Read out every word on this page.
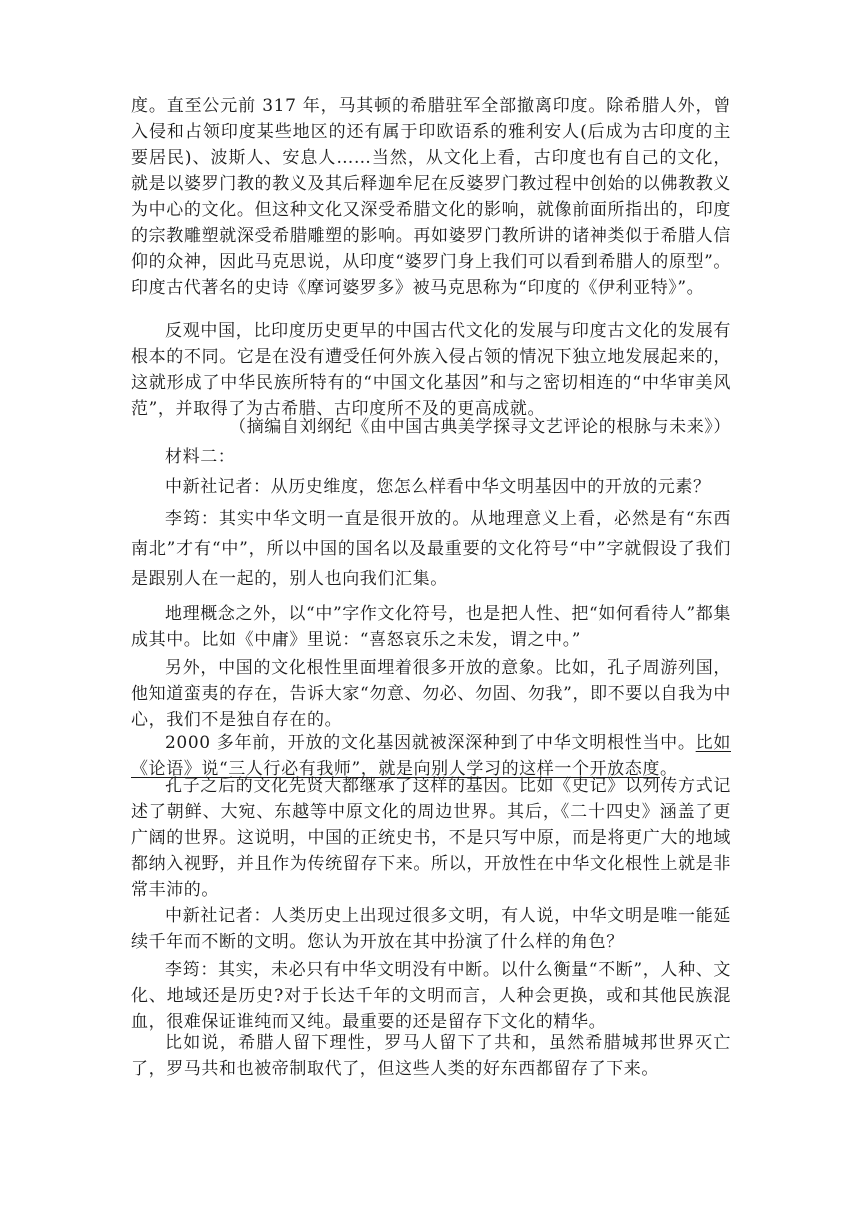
度。直至公元前 317 年，马其顿的希腊驻军全部撤离印度。除希腊人外，曾入侵和占领印度某些地区的还有属于印欧语系的雅利安人(后成为古印度的主要居民)、波斯人、安息人……当然，从文化上看，古印度也有自己的文化，就是以婆罗门教的教义及其后释迦牟尼在反婆罗门教过程中创始的以佛教教义为中心的文化。但这种文化又深受希腊文化的影响，就像前面所指出的，印度的宗教雕塑就深受希腊雕塑的影响。再如婆罗门教所讲的诸神类似于希腊人信仰的众神，因此马克思说，从印度“婆罗门身上我们可以看到希腊人的原型”。印度古代著名的史诗《摩诃婆罗多》被马克思称为“印度的《伊利亚特》”。

反观中国，比印度历史更早的中国古代文化的发展与印度古文化的发展有根本的不同。它是在没有遭受任何外族入侵占领的情况下独立地发展起来的，这就形成了中华民族所特有的“中国文化基因”和与之密切相连的“中华审美风范”，并取得了为古希腊、古印度所不及的更高成就。

（摘编自刘纲纪《由中国古典美学探寻文艺评论的根脉与未来》）

材料二：

中新社记者：从历史维度，您怎么样看中华文明基因中的开放的元素？

李筠：其实中华文明一直是很开放的。从地理意义上看，必然是有“东西南北”才有“中”，所以中国的国名以及最重要的文化符号“中”字就假设了我们是跟别人在一起的，别人也向我们汇集。

地理概念之外，以“中”字作文化符号，也是把人性、把“如何看待人”都集成其中。比如《中庸》里说：“喜怒哀乐之未发，谓之中。”

另外，中国的文化根性里面埋着很多开放的意象。比如，孔子周游列国，他知道蛮夷的存在，告诉大家“勿意、勿必、勿固、勿我”，即不要以自我为中心，我们不是独自存在的。

2000 多年前，开放的文化基因就被深深种到了中华文明根性当中。比如《论语》说“三人行必有我师”，就是向别人学习的这样一个开放态度。

孔子之后的文化先贤大都继承了这样的基因。比如《史记》以列传方式记述了朝鲜、大宛、东越等中原文化的周边世界。其后，《二十四史》涵盖了更广阔的世界。这说明，中国的正统史书，不是只写中原，而是将更广大的地域都纳入视野，并且作为传统留存下来。所以，开放性在中华文化根性上就是非常丰沛的。

中新社记者：人类历史上出现过很多文明，有人说，中华文明是唯一能延续千年而不断的文明。您认为开放在其中扮演了什么样的角色？

李筠：其实，未必只有中华文明没有中断。以什么衡量“不断”，人种、文化、地域还是历史?对于长达千年的文明而言，人种会更换，或和其他民族混血，很难保证谁纯而又纯。最重要的还是留存下文化的精华。

比如说，希腊人留下理性，罗马人留下了共和，虽然希腊城邦世界灭亡了，罗马共和也被帝制取代了，但这些人类的好东西都留存了下来。
